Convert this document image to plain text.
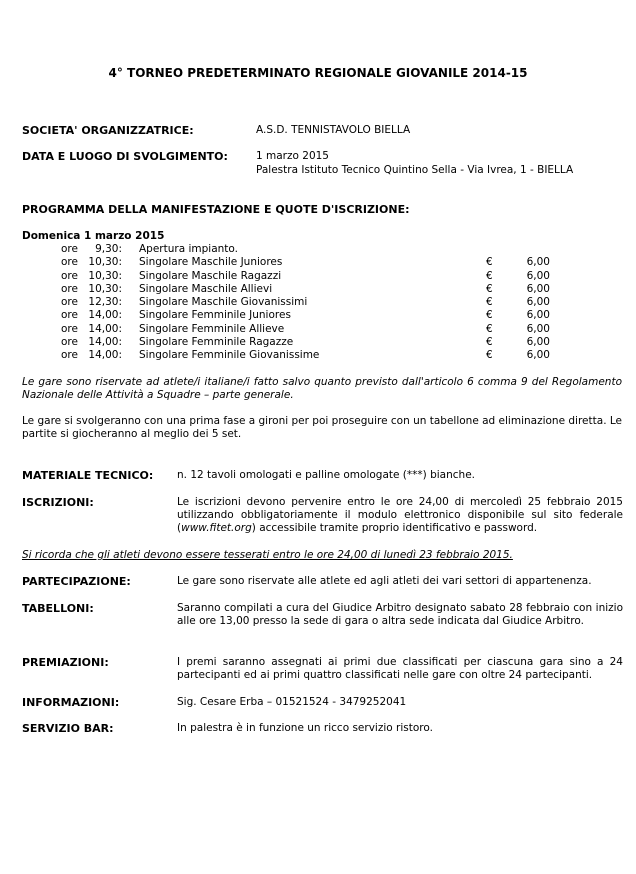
4° TORNEO PREDETERMINATO REGIONALE GIOVANILE 2014-15
SOCIETA' ORGANIZZATRICE:	A.S.D. TENNISTAVOLO BIELLA
DATA E LUOGO DI SVOLGIMENTO:	1 marzo 2015
Palestra Istituto Tecnico Quintino Sella - Via Ivrea, 1 - BIELLA
PROGRAMMA DELLA MANIFESTAZIONE E QUOTE D'ISCRIZIONE:
Domenica 1 marzo 2015
ore 9,30: Apertura impianto.
ore 10,30: Singolare Maschile Juniores	€	6,00
ore 10,30: Singolare Maschile Ragazzi	€	6,00
ore 10,30: Singolare Maschile Allievi	€	6,00
ore 12,30: Singolare Maschile Giovanissimi	€	6,00
ore 14,00: Singolare Femminile Juniores	€	6,00
ore 14,00: Singolare Femminile Allieve	€	6,00
ore 14,00: Singolare Femminile Ragazze	€	6,00
ore 14,00: Singolare Femminile Giovanissime	€	6,00
Le gare sono riservate ad atlete/i italiane/i fatto salvo quanto previsto dall'articolo 6 comma 9 del Regolamento Nazionale delle Attività a Squadre – parte generale.
Le gare si svolgeranno con una prima fase a gironi per poi proseguire con un tabellone ad eliminazione diretta. Le partite si giocheranno al meglio dei 5 set.
MATERIALE TECNICO: n. 12 tavoli omologati e palline omologate (***) bianche.
ISCRIZIONI:	Le iscrizioni devono pervenire entro le ore 24,00 di mercoledì 25 febbraio 2015 utilizzando obbligatoriamente il modulo elettronico disponibile sul sito federale (www.fitet.org) accessibile tramite proprio identificativo e password.
Si ricorda che gli atleti devono essere tesserati entro le ore 24,00 di lunedì 23 febbraio 2015.
PARTECIPAZIONE:	Le gare sono riservate alle atlete ed agli atleti dei vari settori di appartenenza.
TABELLONI:	Saranno compilati a cura del Giudice Arbitro designato sabato 28 febbraio con inizio alle ore 13,00 presso la sede di gara o altra sede indicata dal Giudice Arbitro.
PREMIAZIONI:	I premi saranno assegnati ai primi due classificati per ciascuna gara sino a 24 partecipanti ed ai primi quattro classificati nelle gare con oltre 24 partecipanti.
INFORMAZIONI:	Sig. Cesare Erba – 01521524 - 3479252041
SERVIZIO BAR:	In palestra è in funzione un ricco servizio ristoro.
